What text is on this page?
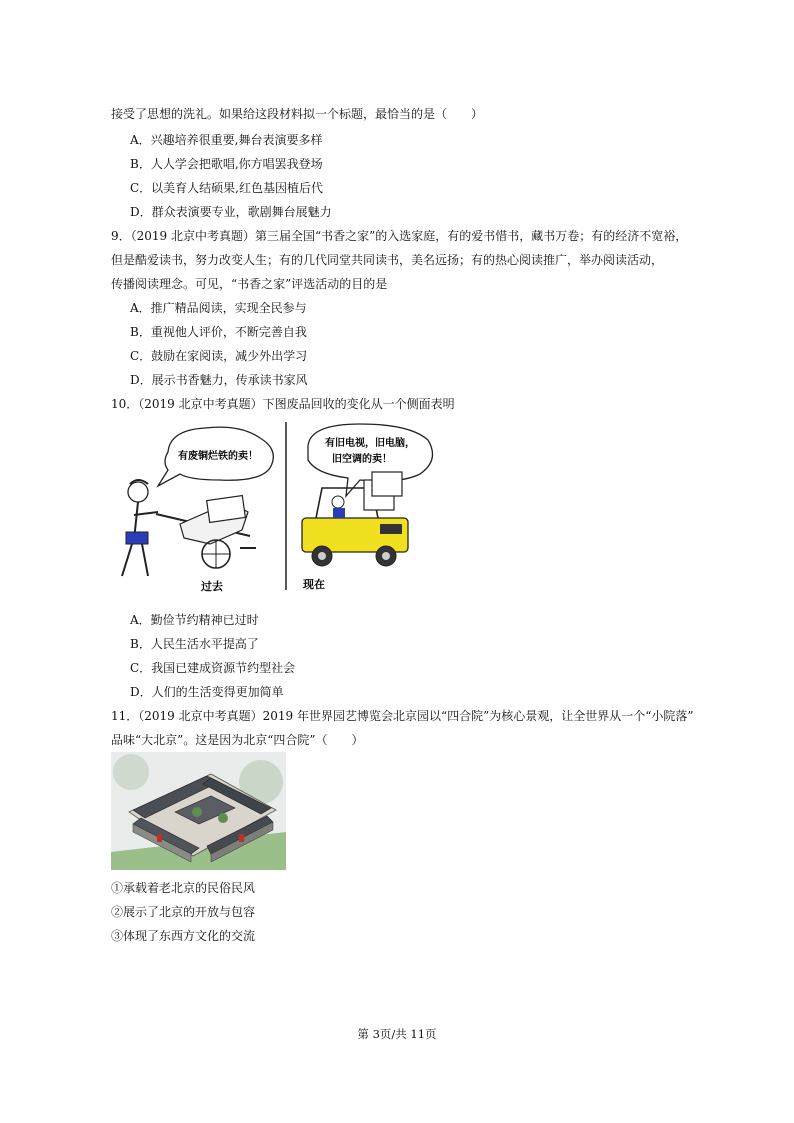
接受了思想的洗礼。如果给这段材料拟一个标题，最恰当的是（　　）
A．兴趣培养很重要,舞台表演要多样
B．人人学会把歌唱,你方唱罢我登场
C．以美育人结硕果,红色基因植后代
D．群众表演要专业，歌剧舞台展魅力
9．（2019 北京中考真题）第三届全国“书香之家”的入选家庭，有的爱书惜书，藏书万卷；有的经济不宽裕，
但是酷爱读书，努力改变人生；有的几代同堂共同读书，美名远扬；有的热心阅读推广，举办阅读活动，
传播阅读理念。可见，“书香之家”评选活动的目的是
A．推广精品阅读，实现全民参与
B．重视他人评价，不断完善自我
C．鼓励在家阅读，减少外出学习
D．展示书香魅力，传承读书家风
10．（2019 北京中考真题）下图废品回收的变化从一个侧面表明
有废铜烂铁的卖！
过去
有旧电视，旧电脑，
旧空调的卖！
现在
A．勤俭节约精神已过时
B．人民生活水平提高了
C．我国已建成资源节约型社会
D．人们的生活变得更加简单
11．（2019 北京中考真题）2019 年世界园艺博览会北京园以“四合院”为核心景观，让全世界从一个“小院落”
品味“大北京”。这是因为北京“四合院”（　　）
①承载着老北京的民俗民风
②展示了北京的开放与包容
③体现了东西方文化的交流
第 3页/共 11页
